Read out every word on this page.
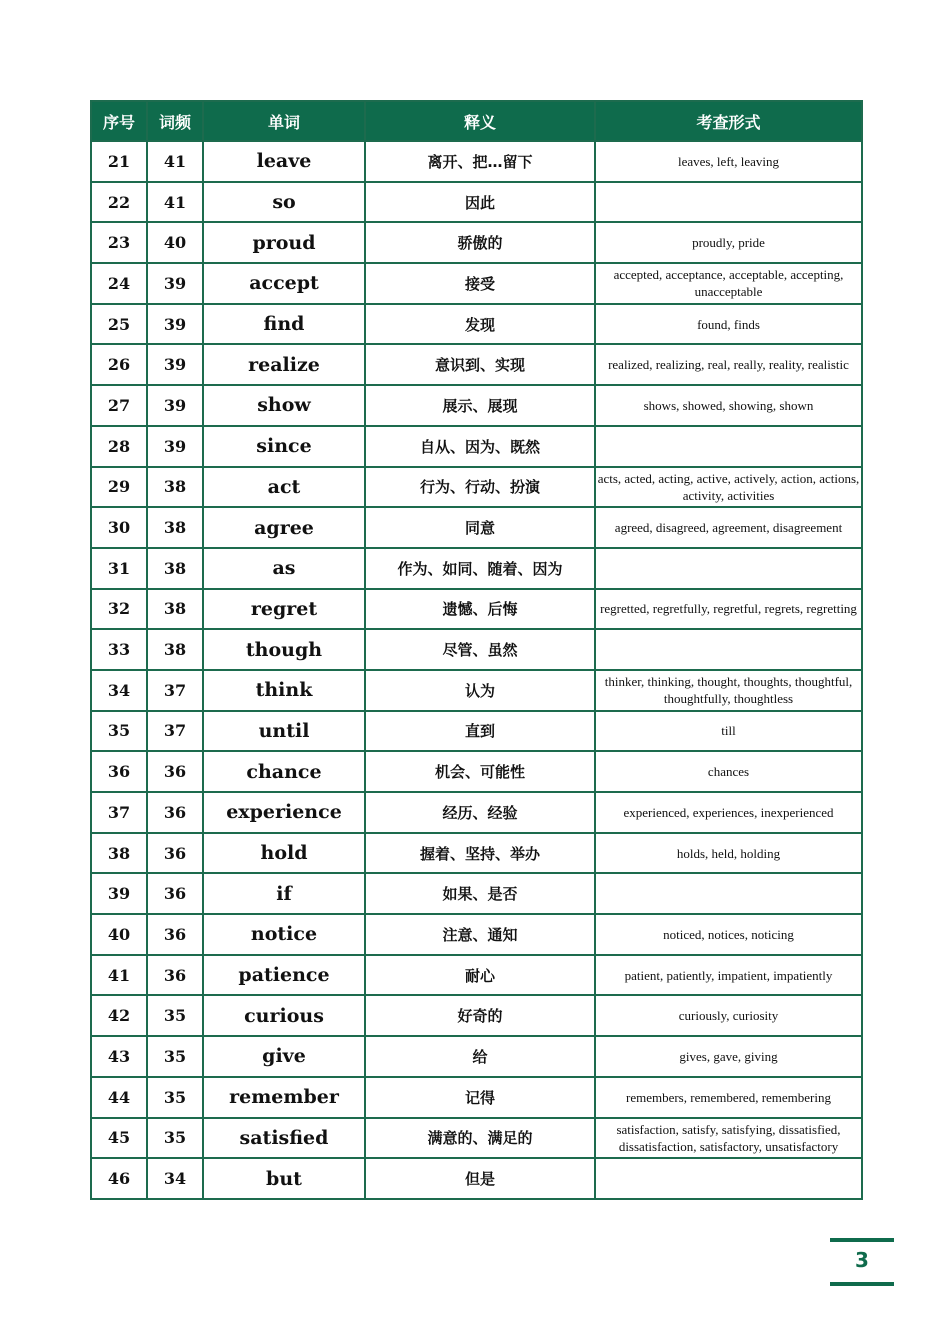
序号	词频	单词	释义	考查形式
21	41	leave	离开、把…留下	leaves, left, leaving
22	41	so	因此	
23	40	proud	骄傲的	proudly, pride
24	39	accept	接受	accepted, acceptance, acceptable, accepting, unacceptable
25	39	find	发现	found, finds
26	39	realize	意识到、实现	realized, realizing, real, really, reality, realistic
27	39	show	展示、展现	shows, showed, showing, shown
28	39	since	自从、因为、既然	
29	38	act	行为、行动、扮演	acts, acted, acting, active, actively, action, actions, activity, activities
30	38	agree	同意	agreed, disagreed, agreement, disagreement
31	38	as	作为、如同、随着、因为	
32	38	regret	遗憾、后悔	regretted, regretfully, regretful, regrets, regretting
33	38	though	尽管、虽然	
34	37	think	认为	thinker, thinking, thought, thoughts, thoughtful, thoughtfully, thoughtless
35	37	until	直到	till
36	36	chance	机会、可能性	chances
37	36	experience	经历、经验	experienced, experiences, inexperienced
38	36	hold	握着、坚持、举办	holds, held, holding
39	36	if	如果、是否	
40	36	notice	注意、通知	noticed, notices, noticing
41	36	patience	耐心	patient, patiently, impatient, impatiently
42	35	curious	好奇的	curiously, curiosity
43	35	give	给	gives, gave, giving
44	35	remember	记得	remembers, remembered, remembering
45	35	satisfied	满意的、满足的	satisfaction, satisfy, satisfying, dissatisfied, dissatisfaction, satisfactory, unsatisfactory
46	34	but	但是	
3
